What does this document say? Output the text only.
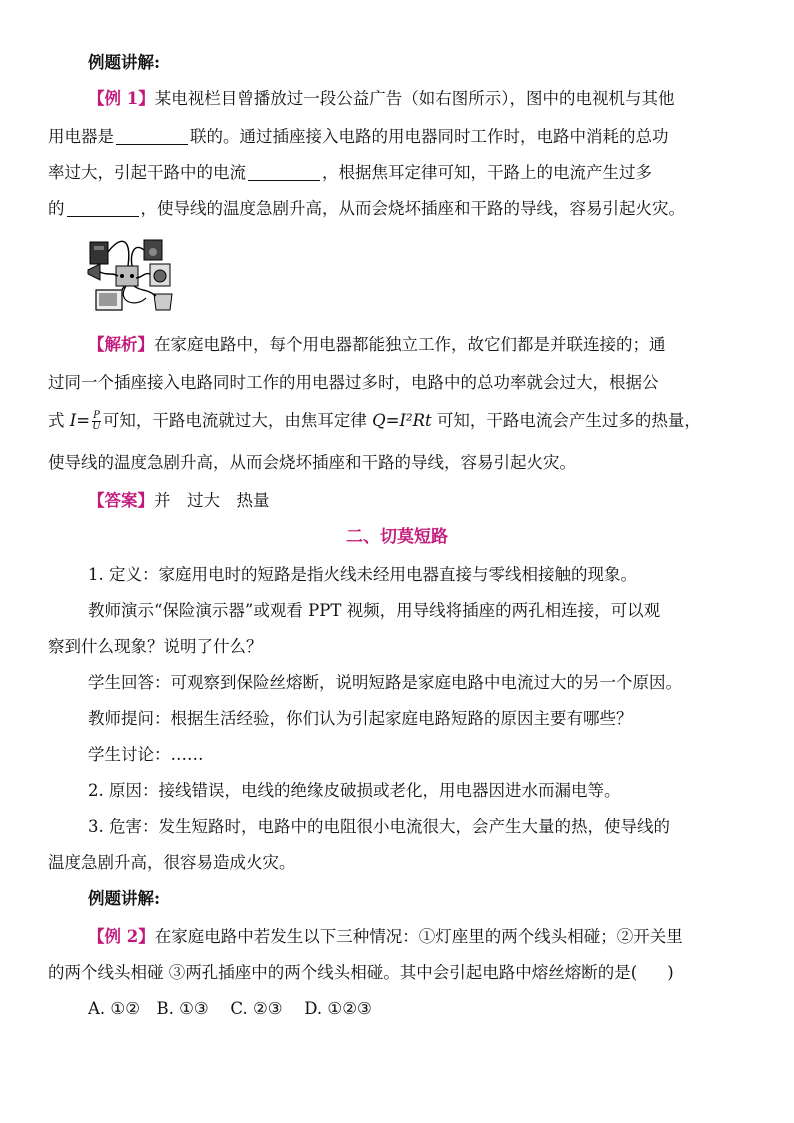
例题讲解:
【例 1】某电视栏目曾播放过一段公益广告（如右图所示），图中的电视机与其他
用电器是	联的。通过插座接入电路的用电器同时工作时，电路中消耗的总功
率过大，引起干路中的电流	，根据焦耳定律可知，干路上的电流产生过多
的	，使导线的温度急剧升高，从而会烧坏插座和干路的导线，容易引起火灾。
【解析】在家庭电路中，每个用电器都能独立工作，故它们都是并联连接的；通
过同一个插座接入电路同时工作的用电器过多时，电路中的总功率就会过大，根据公
式 $I= \frac{P}{U}$ 可知，干路电流就过大，由焦耳定律 Q=I²Rt 可知，干路电流会产生过多的热量，
使导线的温度急剧升高，从而会烧坏插座和干路的导线，容易引起火灾。
【答案】并　过大　热量
二、切莫短路
1. 定义：家庭用电时的短路是指火线未经用电器直接与零线相接触的现象。
教师演示“保险演示器”或观看 PPT 视频，用导线将插座的两孔相连接，可以观
察到什么现象？说明了什么？
学生回答：可观察到保险丝熔断，说明短路是家庭电路中电流过大的另一个原因。
教师提问：根据生活经验，你们认为引起家庭电路短路的原因主要有哪些？
学生讨论：……
2. 原因：接线错误，电线的绝缘皮破损或老化，用电器因进水而漏电等。
3. 危害：发生短路时，电路中的电阻很小电流很大，会产生大量的热，使导线的
温度急剧升高，很容易造成火灾。
例题讲解:
【例 2】在家庭电路中若发生以下三种情况：①灯座里的两个线头相碰；②开关里
的两个线头相碰 ③两孔插座中的两个线头相碰。其中会引起电路中熔丝熔断的是( )
A. ①②　B. ①③　 C. ②③　 D. ①②③
